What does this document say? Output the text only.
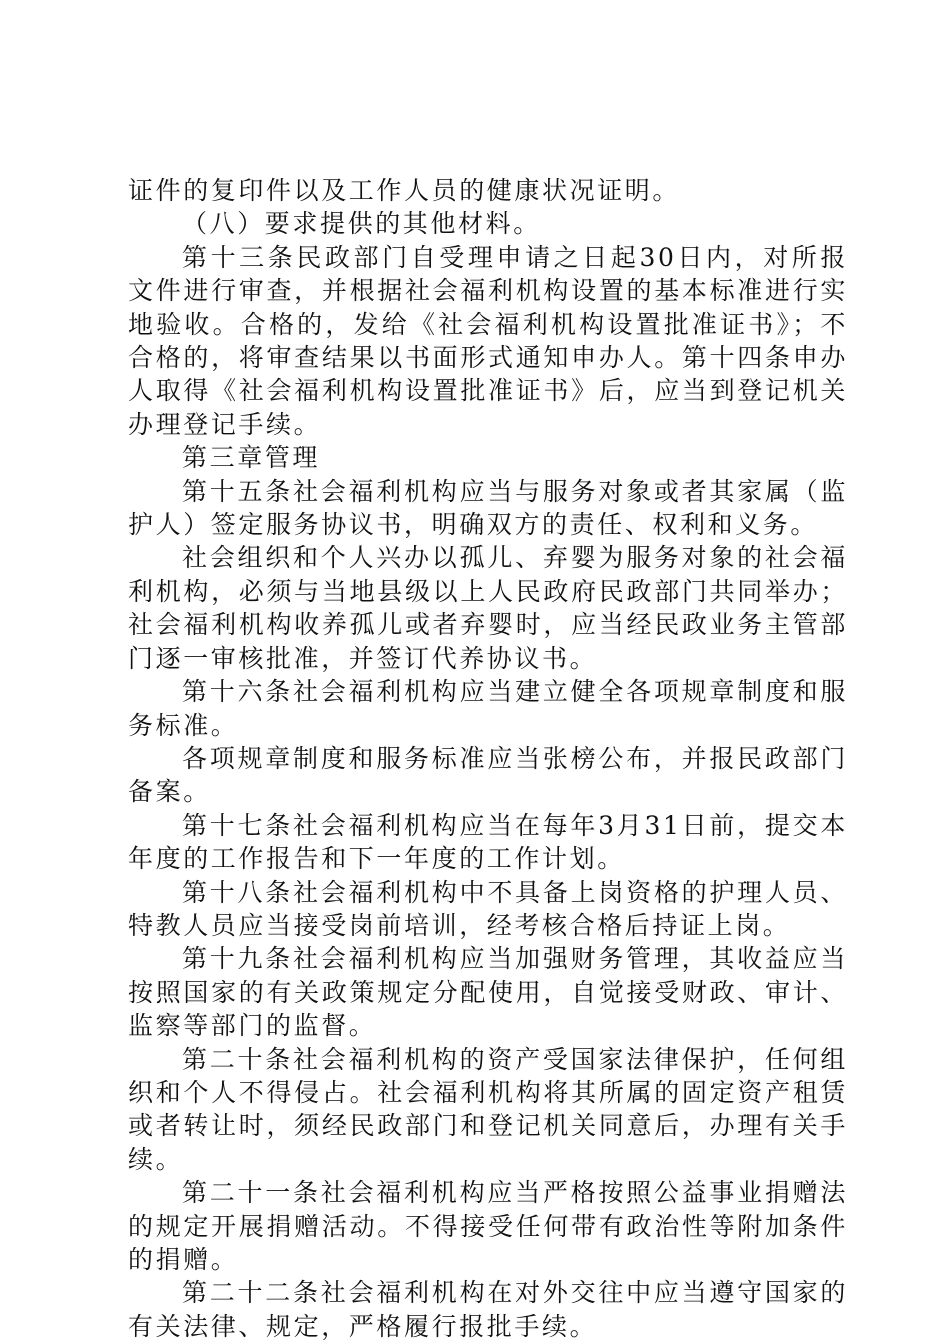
证件的复印件以及工作人员的健康状况证明。

（八）要求提供的其他材料。

第十三条民政部门自受理申请之日起30日内，对所报文件进行审查，并根据社会福利机构设置的基本标准进行实地验收。合格的，发给《社会福利机构设置批准证书》；不合格的，将审查结果以书面形式通知申办人。第十四条申办人取得《社会福利机构设置批准证书》后，应当到登记机关办理登记手续。

第三章管理

第十五条社会福利机构应当与服务对象或者其家属（监护人）签定服务协议书，明确双方的责任、权利和义务。

社会组织和个人兴办以孤儿、弃婴为服务对象的社会福利机构，必须与当地县级以上人民政府民政部门共同举办；社会福利机构收养孤儿或者弃婴时，应当经民政业务主管部门逐一审核批准，并签订代养协议书。

第十六条社会福利机构应当建立健全各项规章制度和服务标准。

各项规章制度和服务标准应当张榜公布，并报民政部门备案。

第十七条社会福利机构应当在每年3月31日前，提交本年度的工作报告和下一年度的工作计划。

第十八条社会福利机构中不具备上岗资格的护理人员、特教人员应当接受岗前培训，经考核合格后持证上岗。

第十九条社会福利机构应当加强财务管理，其收益应当按照国家的有关政策规定分配使用，自觉接受财政、审计、监察等部门的监督。

第二十条社会福利机构的资产受国家法律保护，任何组织和个人不得侵占。社会福利机构将其所属的固定资产租赁或者转让时，须经民政部门和登记机关同意后，办理有关手续。

第二十一条社会福利机构应当严格按照公益事业捐赠法的规定开展捐赠活动。不得接受任何带有政治性等附加条件的捐赠。

第二十二条社会福利机构在对外交往中应当遵守国家的有关法律、规定，严格履行报批手续。
